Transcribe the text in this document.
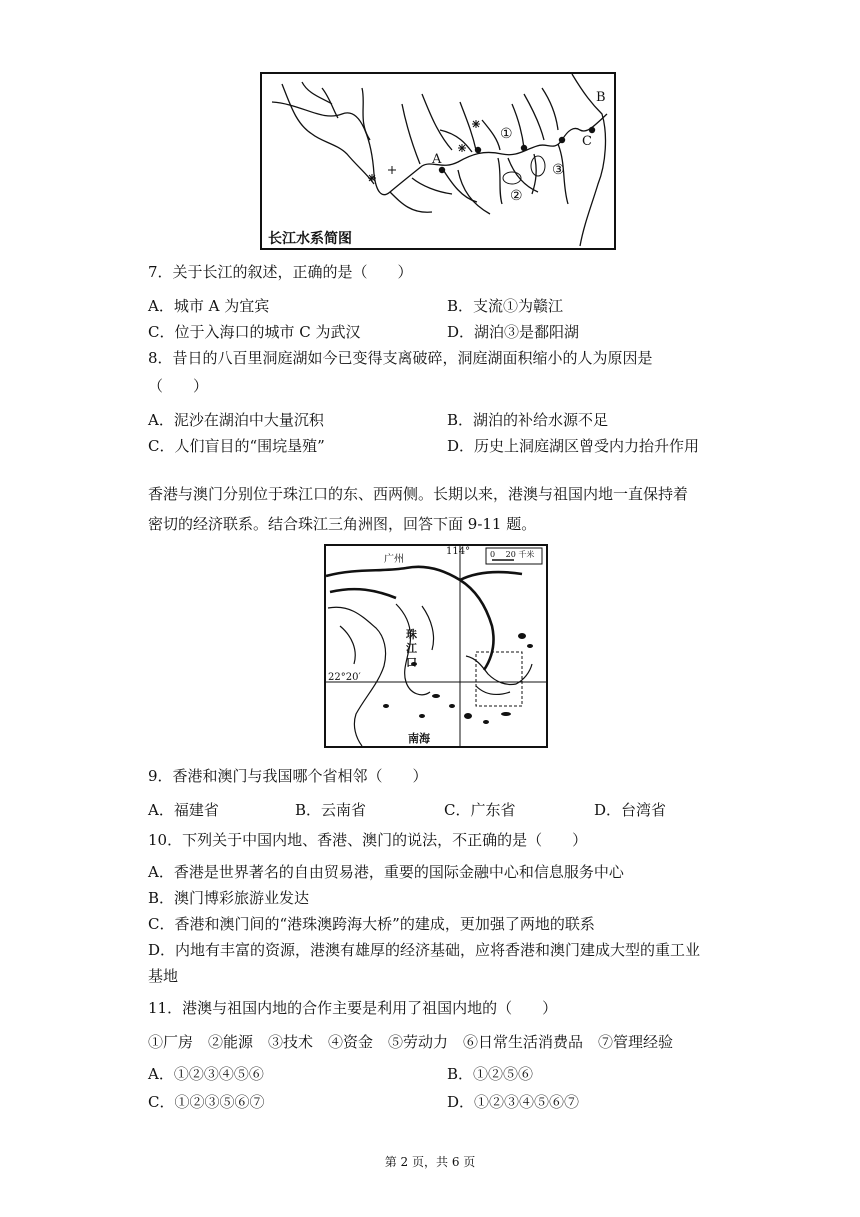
A
B
C
①
②
③
长江水系简图
7．关于长江的叙述，正确的是（　　）
A．城市 A 为宜宾	B．支流①为赣江
C．位于入海口的城市 C 为武汉	D．湖泊③是鄱阳湖
8．昔日的八百里洞庭湖如今已变得支离破碎，洞庭湖面积缩小的人为原因是
（　　）
A．泥沙在湖泊中大量沉积	B．湖泊的补给水源不足
C．人们盲目的“围垸垦殖”	D．历史上洞庭湖区曾受内力抬升作用
香港与澳门分别位于珠江口的东、西两侧。长期以来，港澳与祖国内地一直保持着
密切的经济联系。结合珠江三角洲图，回答下面 9-11 题。
广州
114° 0　 20 千米
珠
江
口
22°20′
南海
9．香港和澳门与我国哪个省相邻（　　）
A．福建省	B．云南省	C．广东省	D．台湾省
10．下列关于中国内地、香港、澳门的说法，不正确的是（　　）
A．香港是世界著名的自由贸易港，重要的国际金融中心和信息服务中心
B．澳门博彩旅游业发达
C．香港和澳门间的“港珠澳跨海大桥”的建成，更加强了两地的联系
D．内地有丰富的资源，港澳有雄厚的经济基础，应将香港和澳门建成大型的重工业
基地
11．港澳与祖国内地的合作主要是利用了祖国内地的（　　）
①厂房　②能源　③技术　④资金　⑤劳动力　⑥日常生活消费品　⑦管理经验
A．①②③④⑤⑥	B．①②⑤⑥
C．①②③⑤⑥⑦	D．①②③④⑤⑥⑦
第 2 页，共 6 页
